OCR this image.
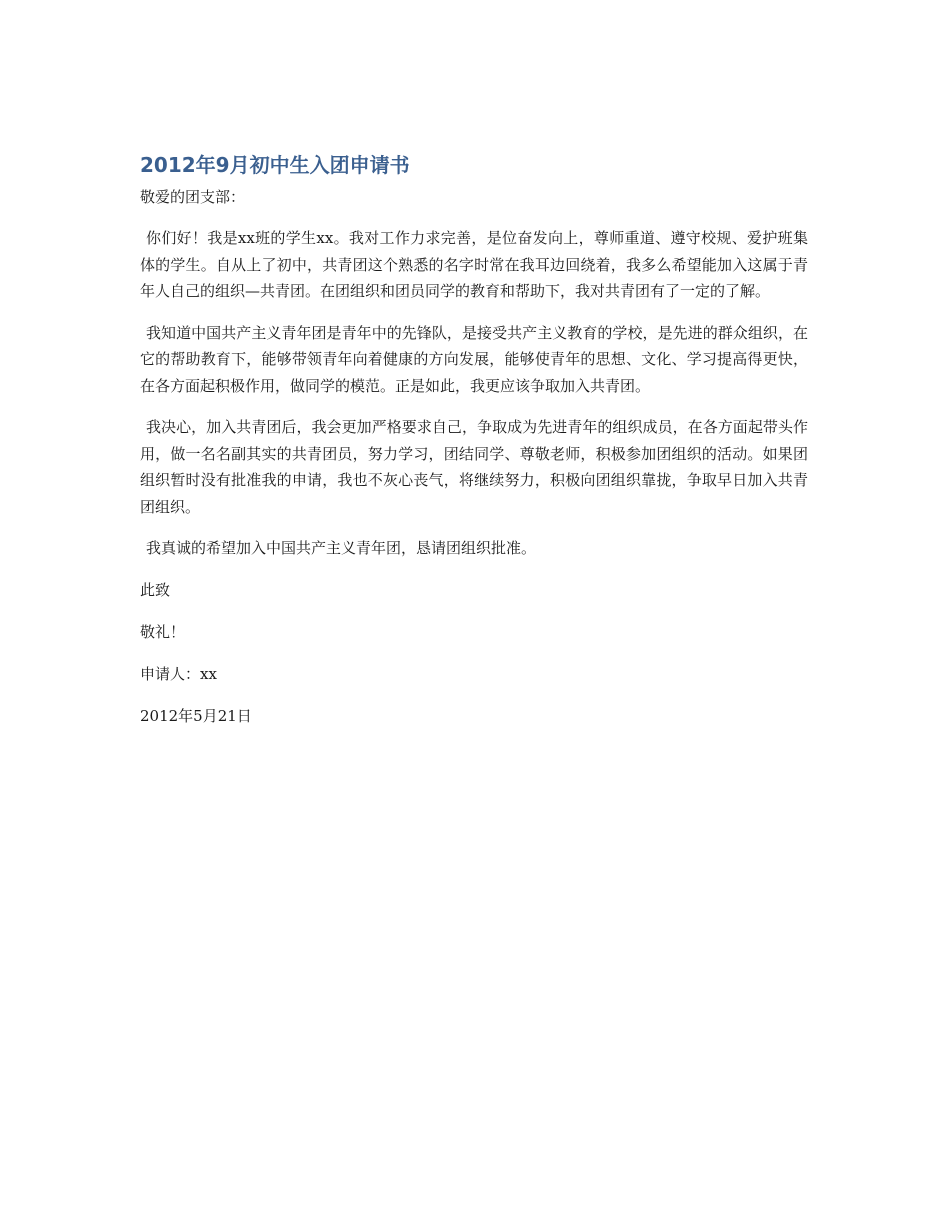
2012年9月初中生入团申请书

敬爱的团支部：

你们好！我是xx班的学生xx。我对工作力求完善，是位奋发向上，尊师重道、遵守校规、爱护班集体的学生。自从上了初中，共青团这个熟悉的名字时常在我耳边回绕着，我多么希望能加入这属于青年人自己的组织—共青团。在团组织和团员同学的教育和帮助下，我对共青团有了一定的了解。

我知道中国共产主义青年团是青年中的先锋队，是接受共产主义教育的学校，是先进的群众组织，在它的帮助教育下，能够带领青年向着健康的方向发展，能够使青年的思想、文化、学习提高得更快，在各方面起积极作用，做同学的模范。正是如此，我更应该争取加入共青团。

我决心，加入共青团后，我会更加严格要求自己，争取成为先进青年的组织成员，在各方面起带头作用，做一名名副其实的共青团员，努力学习，团结同学、尊敬老师，积极参加团组织的活动。如果团组织暂时没有批准我的申请，我也不灰心丧气，将继续努力，积极向团组织靠拢，争取早日加入共青团组织。

我真诚的希望加入中国共产主义青年团，恳请团组织批准。

此致

敬礼！

申请人：xx

2012年5月21日
